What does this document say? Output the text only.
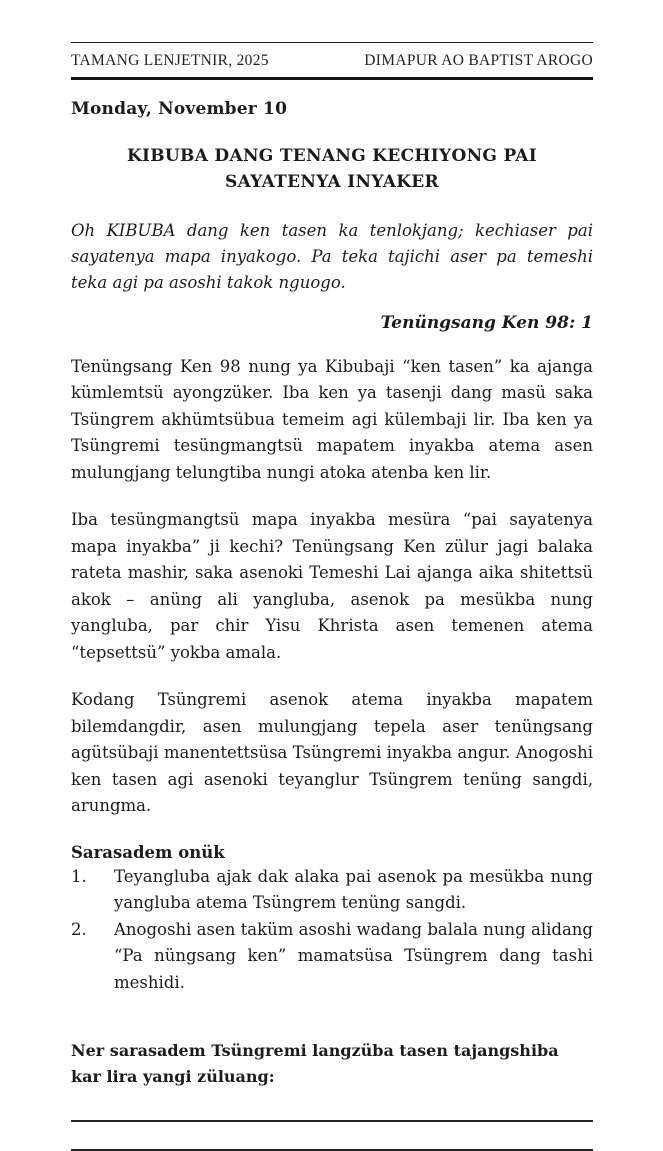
TAMANG LENJETNIR, 2025	DIMAPUR AO BAPTIST AROGO
Monday, November 10
KIBUBA DANG TENANG KECHIYONG PAI
SAYATENYA INYAKER

Oh KIBUBA dang ken tasen ka tenlokjang; kechiaser pai sayatenya mapa inyakogo. Pa teka tajichi aser pa temeshi teka agi pa asoshi takok nguogo.

Tenüngsang Ken 98: 1

Tenüngsang Ken 98 nung ya Kibubaji “ken tasen” ka ajanga kümlemtsü ayongzüker. Iba ken ya tasenji dang masü saka Tsüngrem akhümtsübua temeim agi külembaji lir. Iba ken ya Tsüngremi tesüngmangtsü mapatem inyakba atema asen mulungjang telungtiba nungi atoka atenba ken lir.

Iba tesüngmangtsü mapa inyakba mesüra “pai sayatenya mapa inyakba” ji kechi? Tenüngsang Ken zülur jagi balaka rateta mashir, saka asenoki Temeshi Lai ajanga aika shitettsü akok – anüng ali yangluba, asenok pa mesükba nung yangluba, par chir Yisu Khrista asen temenen atema “tepsettsü” yokba amala.

Kodang Tsüngremi asenok atema inyakba mapatem bilemdangdir, asen mulungjang tepela aser tenüngsang agütsübaji manentettsüsa Tsüngremi inyakba angur. Anogoshi ken tasen agi asenoki teyanglur Tsüngrem tenüng sangdi, arungma.

Sarasadem onük
1.	Teyangluba ajak dak alaka pai asenok pa mesükba nung yangluba atema Tsüngrem tenüng sangdi.
2.	Anogoshi asen taküm asoshi wadang balala nung alidang “Pa nüngsang ken” mamatsüsa Tsüngrem dang tashi meshidi.
Ner sarasadem Tsüngremi langzüba tasen tajangshiba kar lira yangi züluang:
